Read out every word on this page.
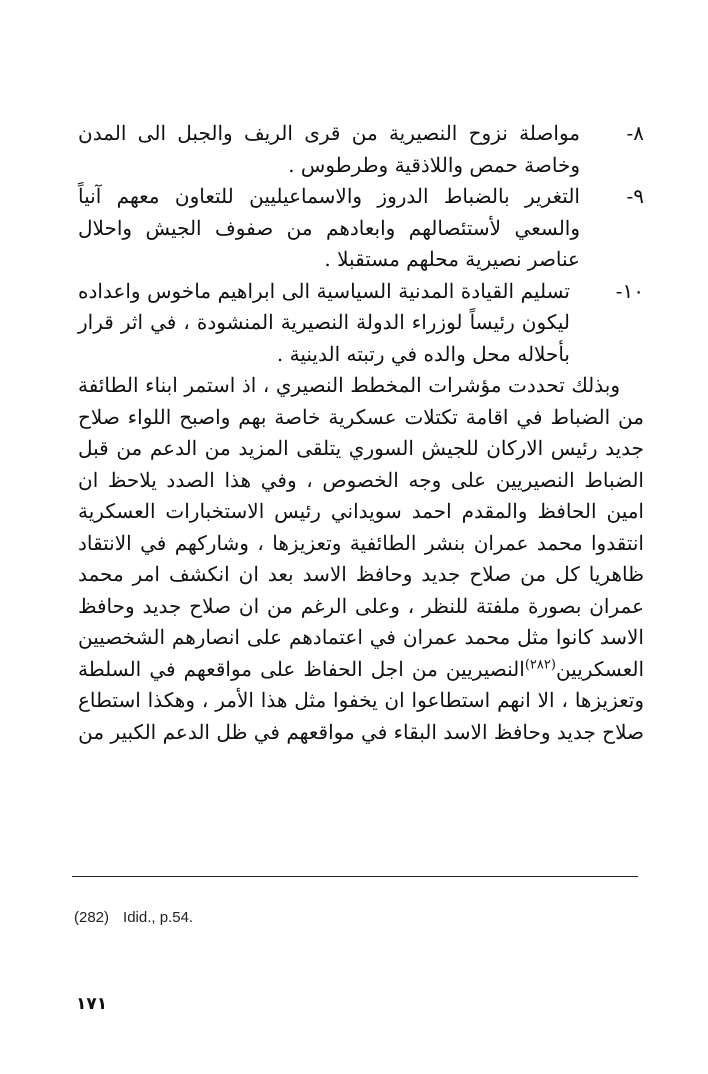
٨-
مواصلة نزوح النصيرية من قرى الريف والجبل الى المدن وخاصة حمص واللاذقية وطرطوس .
٩-
التغرير بالضباط الدروز والاسماعيليين للتعاون معهم آنياً والسعي لأستئصالهم وابعادهم من صفوف الجيش واحلال عناصر نصيرية محلهم مستقبلا .
١٠-
تسليم القيادة المدنية السياسية الى ابراهيم ماخوس واعداده ليكون رئيساً لوزراء الدولة النصيرية المنشودة ، في اثر قرار بأحلاله محل والده في رتبته الدينية .

وبذلك تحددت مؤشرات المخطط النصيري ، اذ استمر ابناء الطائفة من الضباط في اقامة تكتلات عسكرية خاصة بهم واصبح اللواء صلاح جديد رئيس الاركان للجيش السوري يتلقى المزيد من الدعم من قبل الضباط النصيريين على وجه الخصوص ، وفي هذا الصدد يلاحظ ان امين الحافظ والمقدم احمد سويداني رئيس الاستخبارات العسكرية انتقدوا محمد عمران بنشر الطائفية وتعزيزها ، وشاركهم في الانتقاد ظاهريا كل من صلاح جديد وحافظ الاسد بعد ان انكشف امر محمد عمران بصورة ملفتة للنظر ، وعلى الرغم من ان صلاح جديد وحافظ الاسد كانوا مثل محمد عمران في اعتمادهم على انصارهم الشخصيين العسكريين$^{(٢٨٢)}$النصيريين من اجل الحفاظ على مواقعهم في السلطة وتعزيزها ، الا انهم استطاعوا ان يخفوا مثل هذا الأمر ، وهكذا استطاع صلاح جديد وحافظ الاسد البقاء في مواقعهم في ظل الدعم الكبير من

(282) Idid., p.54.
١٧١
